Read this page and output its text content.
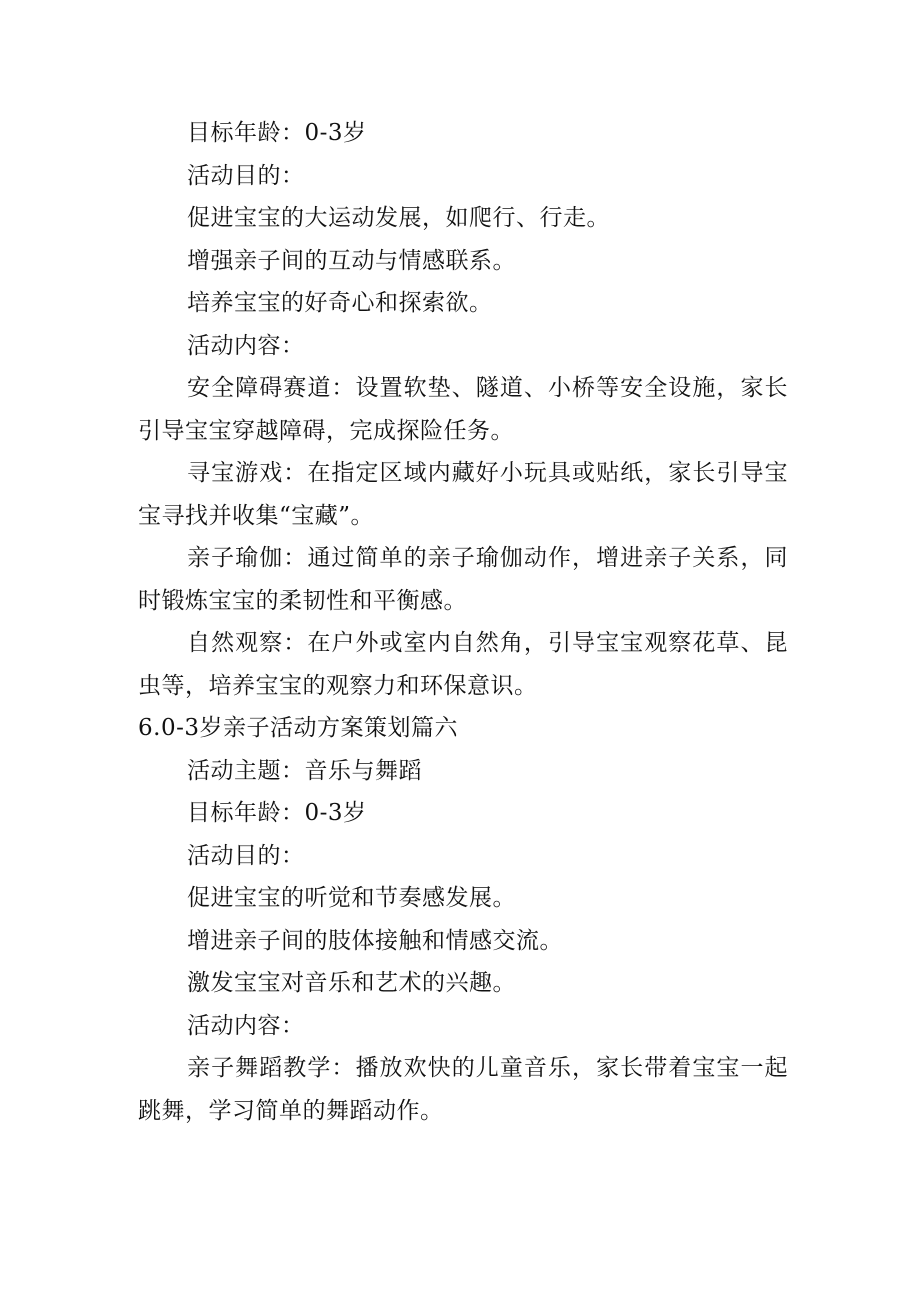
目标年龄：0-3岁

活动目的：

促进宝宝的大运动发展，如爬行、行走。

增强亲子间的互动与情感联系。

培养宝宝的好奇心和探索欲。

活动内容：

安全障碍赛道：设置软垫、隧道、小桥等安全设施，家长引导宝宝穿越障碍，完成探险任务。

寻宝游戏：在指定区域内藏好小玩具或贴纸，家长引导宝宝寻找并收集“宝藏”。

亲子瑜伽：通过简单的亲子瑜伽动作，增进亲子关系，同时锻炼宝宝的柔韧性和平衡感。

自然观察：在户外或室内自然角，引导宝宝观察花草、昆虫等，培养宝宝的观察力和环保意识。

6.0-3岁亲子活动方案策划篇六

活动主题：音乐与舞蹈

目标年龄：0-3岁

活动目的：

促进宝宝的听觉和节奏感发展。

增进亲子间的肢体接触和情感交流。

激发宝宝对音乐和艺术的兴趣。

活动内容：

亲子舞蹈教学：播放欢快的儿童音乐，家长带着宝宝一起跳舞，学习简单的舞蹈动作。
